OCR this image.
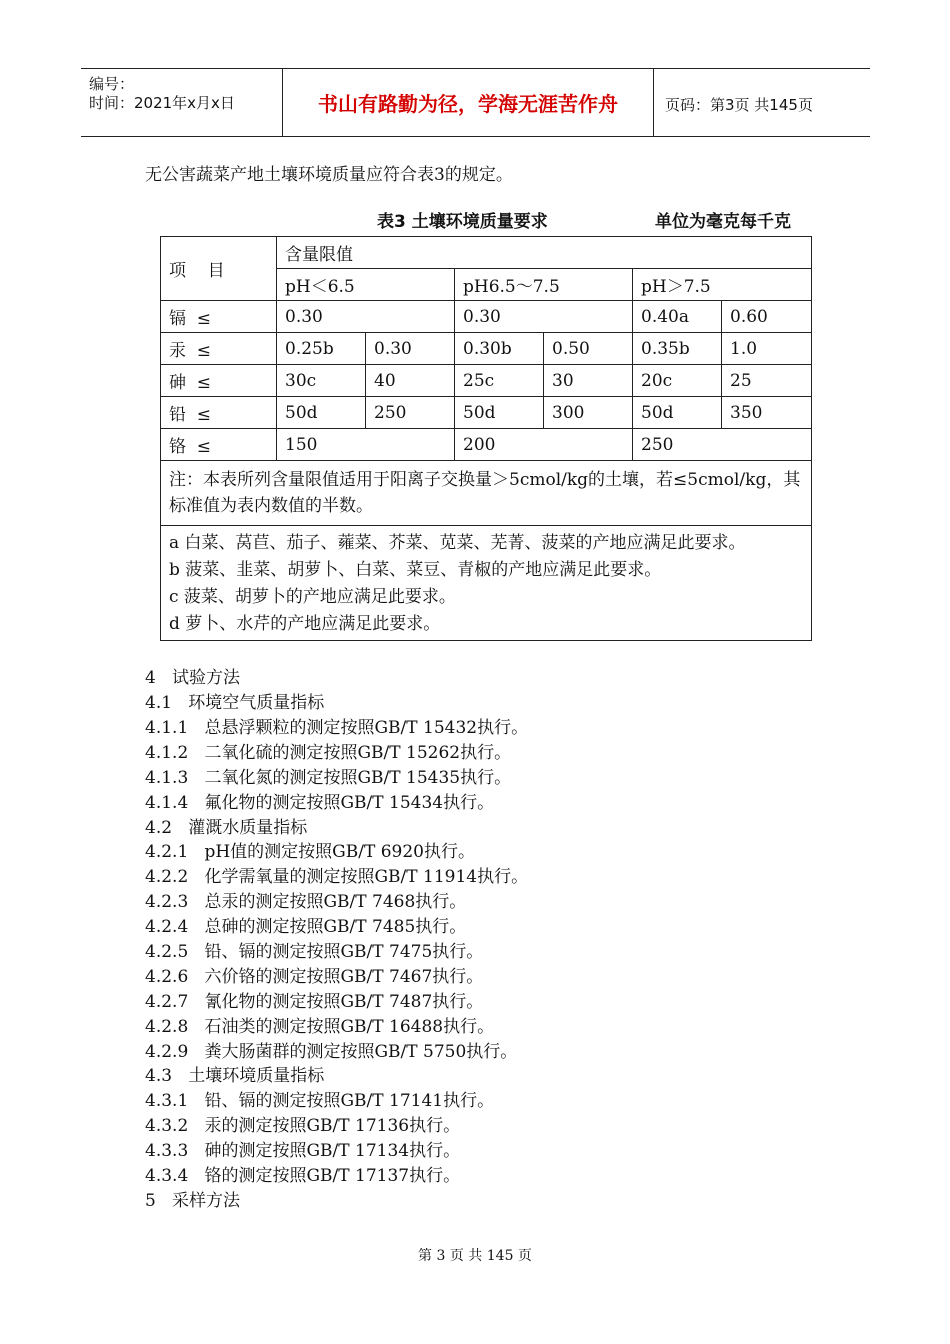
编号：
时间：2021年x月x日	书山有路勤为径，学海无涯苦作舟	页码：第3页 共145页
无公害蔬菜产地土壤环境质量应符合表3的规定。
表3 土壤环境质量要求	单位为毫克每千克
项    目	含量限值					
	pH＜6.5		pH6.5～7.5		pH＞7.5	
镉  ≤	0.30		0.30		0.40a	0.60
汞  ≤	0.25b	0.30	0.30b	0.50	0.35b	1.0
砷  ≤	30c	40	25c	30	20c	25
铅  ≤	50d	250	50d	300	50d	350
铬  ≤	150		200		250	
注：本表所列含量限值适用于阳离子交换量＞5cmol/kg的土壤，若≤5cmol/kg，其标准值为表内数值的半数。						

a 白菜、莴苣、茄子、蕹菜、芥菜、苋菜、芜菁、菠菜的产地应满足此要求。
b 菠菜、韭菜、胡萝卜、白菜、菜豆、青椒的产地应满足此要求。
c 菠菜、胡萝卜的产地应满足此要求。
d 萝卜、水芹的产地应满足此要求。						
4   试验方法
4.1   环境空气质量指标
4.1.1   总悬浮颗粒的测定按照GB/T 15432执行。
4.1.2   二氧化硫的测定按照GB/T 15262执行。
4.1.3   二氧化氮的测定按照GB/T 15435执行。
4.1.4   氟化物的测定按照GB/T 15434执行。
4.2   灌溉水质量指标
4.2.1   pH值的测定按照GB/T 6920执行。
4.2.2   化学需氧量的测定按照GB/T 11914执行。
4.2.3   总汞的测定按照GB/T 7468执行。
4.2.4   总砷的测定按照GB/T 7485执行。
4.2.5   铅、镉的测定按照GB/T 7475执行。
4.2.6   六价铬的测定按照GB/T 7467执行。
4.2.7   氰化物的测定按照GB/T 7487执行。
4.2.8   石油类的测定按照GB/T 16488执行。
4.2.9   粪大肠菌群的测定按照GB/T 5750执行。
4.3   土壤环境质量指标
4.3.1   铅、镉的测定按照GB/T 17141执行。
4.3.2   汞的测定按照GB/T 17136执行。
4.3.3   砷的测定按照GB/T 17134执行。
4.3.4   铬的测定按照GB/T 17137执行。
5   采样方法
第 3 页 共 145 页
